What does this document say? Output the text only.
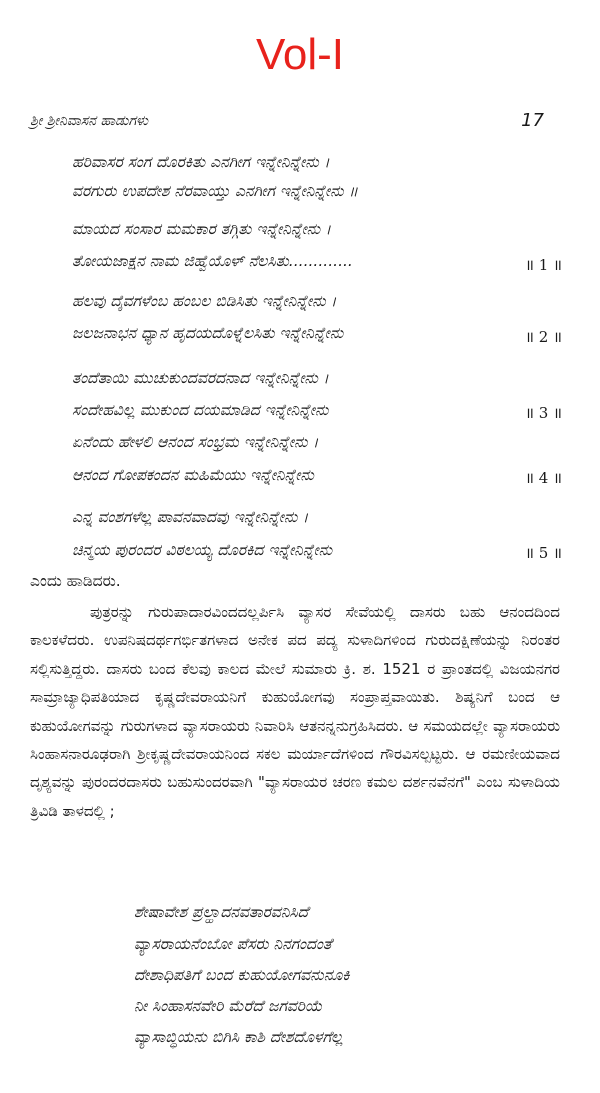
Vol-I
ಶ್ರೀ ಶ್ರೀನಿವಾಸನ ಹಾಡುಗಳು	17
ಹರಿವಾಸರ ಸಂಗ ದೊರಕಿತು ಎನಗೀಗ ಇನ್ನೇನಿನ್ನೇನು ।
ವರಗುರು ಉಪದೇಶ ನೆರವಾಯ್ತು ಎನಗೀಗ ಇನ್ನೇನಿನ್ನೇನು ॥
ಮಾಯದ ಸಂಸಾರ ಮಮಕಾರ ತಗ್ಗಿತು ಇನ್ನೇನಿನ್ನೇನು ।
ತೋಯಜಾಕ್ಷನ ನಾಮ ಜಿಹ್ವೆಯೊಳ್ ನೆಲಸಿತು.............	॥ 1 ॥
ಹಲವು ದೈವಗಳೆಂಬ ಹಂಬಲ ಬಿಡಿಸಿತು ಇನ್ನೇನಿನ್ನೇನು ।
ಜಲಜನಾಭನ ಧ್ಯಾನ ಹೃದಯದೊಳ್ನೆಲಸಿತು ಇನ್ನೇನಿನ್ನೇನು	॥ 2 ॥
ತಂದೆತಾಯಿ ಮುಚುಕುಂದವರದನಾದ ಇನ್ನೇನಿನ್ನೇನು ।
ಸಂದೇಹವಿಲ್ಲ ಮುಕುಂದ ದಯಮಾಡಿದ ಇನ್ನೇನಿನ್ನೇನು	॥ 3 ॥
ಏನೆಂದು ಹೇಳಲಿ ಆನಂದ ಸಂಭ್ರಮ ಇನ್ನೇನಿನ್ನೇನು ।
ಆನಂದ ಗೋಪಕಂದನ ಮಹಿಮೆಯು ಇನ್ನೇನಿನ್ನೇನು	॥ 4 ॥
ಎನ್ನ ವಂಶಗಳೆಲ್ಲ ಪಾವನವಾದವು ಇನ್ನೇನಿನ್ನೇನು ।
ಚಿನ್ಮಯ ಪುರಂದರ ವಿಠಲಯ್ಯ ದೊರಕಿದ ಇನ್ನೇನಿನ್ನೇನು	॥ 5 ॥
ಎಂದು ಹಾಡಿದರು.

ಪುತ್ರರನ್ನು ಗುರುಪಾದಾರವಿಂದದಲ್ಲರ್ಪಿಸಿ ವ್ಯಾಸರ ಸೇವೆಯಲ್ಲಿ ದಾಸರು ಬಹು ಆನಂದದಿಂದ ಕಾಲಕಳೆದರು. ಉಪನಿಷದರ್ಥಗರ್ಭಿತಗಳಾದ ಅನೇಕ ಪದ ಪದ್ಯ ಸುಳಾದಿಗಳಿಂದ ಗುರುದಕ್ಷಿಣೆಯನ್ನು ನಿರಂತರ ಸಲ್ಲಿಸುತ್ತಿದ್ದರು. ದಾಸರು ಬಂದ ಕೆಲವು ಕಾಲದ ಮೇಲೆ ಸುಮಾರು ಕ್ರಿ. ಶ. 1521 ರ ಪ್ರಾಂತದಲ್ಲಿ ವಿಜಯನಗರ ಸಾಮ್ರಾಜ್ಯಾಧಿಪತಿಯಾದ ಕೃಷ್ಣದೇವರಾಯನಿಗೆ ಕುಹುಯೋಗವು ಸಂಪ್ರಾಪ್ತವಾಯಿತು. ಶಿಷ್ಯನಿಗೆ ಬಂದ ಆ ಕುಹುಯೋಗವನ್ನು ಗುರುಗಳಾದ ವ್ಯಾಸರಾಯರು ನಿವಾರಿಸಿ ಆತನನ್ನನುಗ್ರಹಿಸಿದರು. ಆ ಸಮಯದಲ್ಲೇ ವ್ಯಾಸರಾಯರು ಸಿಂಹಾಸನಾರೂಢರಾಗಿ ಶ್ರೀಕೃಷ್ಣದೇವರಾಯನಿಂದ ಸಕಲ ಮರ್ಯಾದೆಗಳಿಂದ ಗೌರವಿಸಲ್ಪಟ್ಟರು. ಆ ರಮಣೀಯವಾದ ದೃಶ್ಯವನ್ನು ಪುರಂದರದಾಸರು ಬಹುಸುಂದರವಾಗಿ "ವ್ಯಾಸರಾಯರ ಚರಣ ಕಮಲ ದರ್ಶನವೆನಗೆ" ಎಂಬ ಸುಳಾದಿಯ ತ್ರಿವಿಡಿ ತಾಳದಲ್ಲಿ ;

ಶೇಷಾವೇಶ ಪ್ರಲ್ಹಾದನವತಾರವನಿಸಿದೆ
ವ್ಯಾಸರಾಯನೆಂಬೋ ಪೆಸರು ನಿನಗಂದಂತೆ
ದೇಶಾಧಿಪತಿಗೆ ಬಂದ ಕುಹುಯೋಗವನುನೂಕಿ
ನೀ ಸಿಂಹಾಸನವೇರಿ ಮೆರೆದೆ ಜಗವರಿಯೆ
ವ್ಯಾಸಾಬ್ಧಿಯನು ಬಿಗಿಸಿ ಕಾಶಿ ದೇಶದೊಳಗೆಲ್ಲ
